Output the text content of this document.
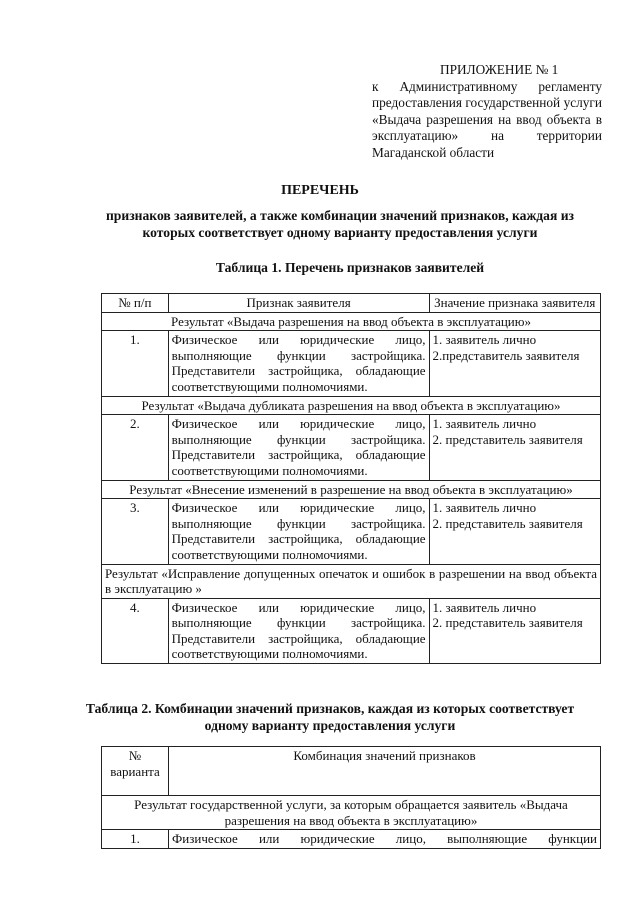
ПРИЛОЖЕНИЕ № 1
к Административному регламенту предоставления государственной услуги «Выдача разрешения на ввод объекта в эксплуатацию» на территории Магаданской области
ПЕРЕЧЕНЬ
признаков заявителей, а также комбинации значений признаков, каждая из которых соответствует одному варианту предоставления услуги
Таблица 1. Перечень признаков заявителей
№ п/п	Признак заявителя	Значение признака заявителя
Результат «Выдача разрешения на ввод объекта в эксплуатацию»		
1.	Физическое или юридические лицо, выполняющие функции застройщика. Представители застройщика, обладающие соответствующими полномочиями.	1. заявитель лично
2.представитель заявителя

Результат «Выдача дубликата разрешения на ввод объекта в эксплуатацию»		
2.	Физическое или юридические лицо, выполняющие функции застройщика. Представители застройщика, обладающие соответствующими полномочиями.	1. заявитель лично
2. представитель заявителя

Результат «Внесение изменений в разрешение на ввод объекта в эксплуатацию»		
3.	Физическое или юридические лицо, выполняющие функции застройщика. Представители застройщика, обладающие соответствующими полномочиями.	1. заявитель лично
2. представитель заявителя

Результат «Исправление допущенных опечаток и ошибок в разрешении на ввод объекта в эксплуатацию »		
4.	Физическое или юридические лицо, выполняющие функции застройщика. Представители застройщика, обладающие соответствующими полномочиями.	1. заявитель лично
2. представитель заявителя
Таблица 2. Комбинации значений признаков, каждая из которых соответствует одному варианту предоставления услуги
№ варианта	Комбинация значений признаков
Результат государственной услуги, за которым обращается заявитель «Выдача разрешения на ввод объекта в эксплуатацию»	
1.	Физическое или юридические лицо, выполняющие функции
